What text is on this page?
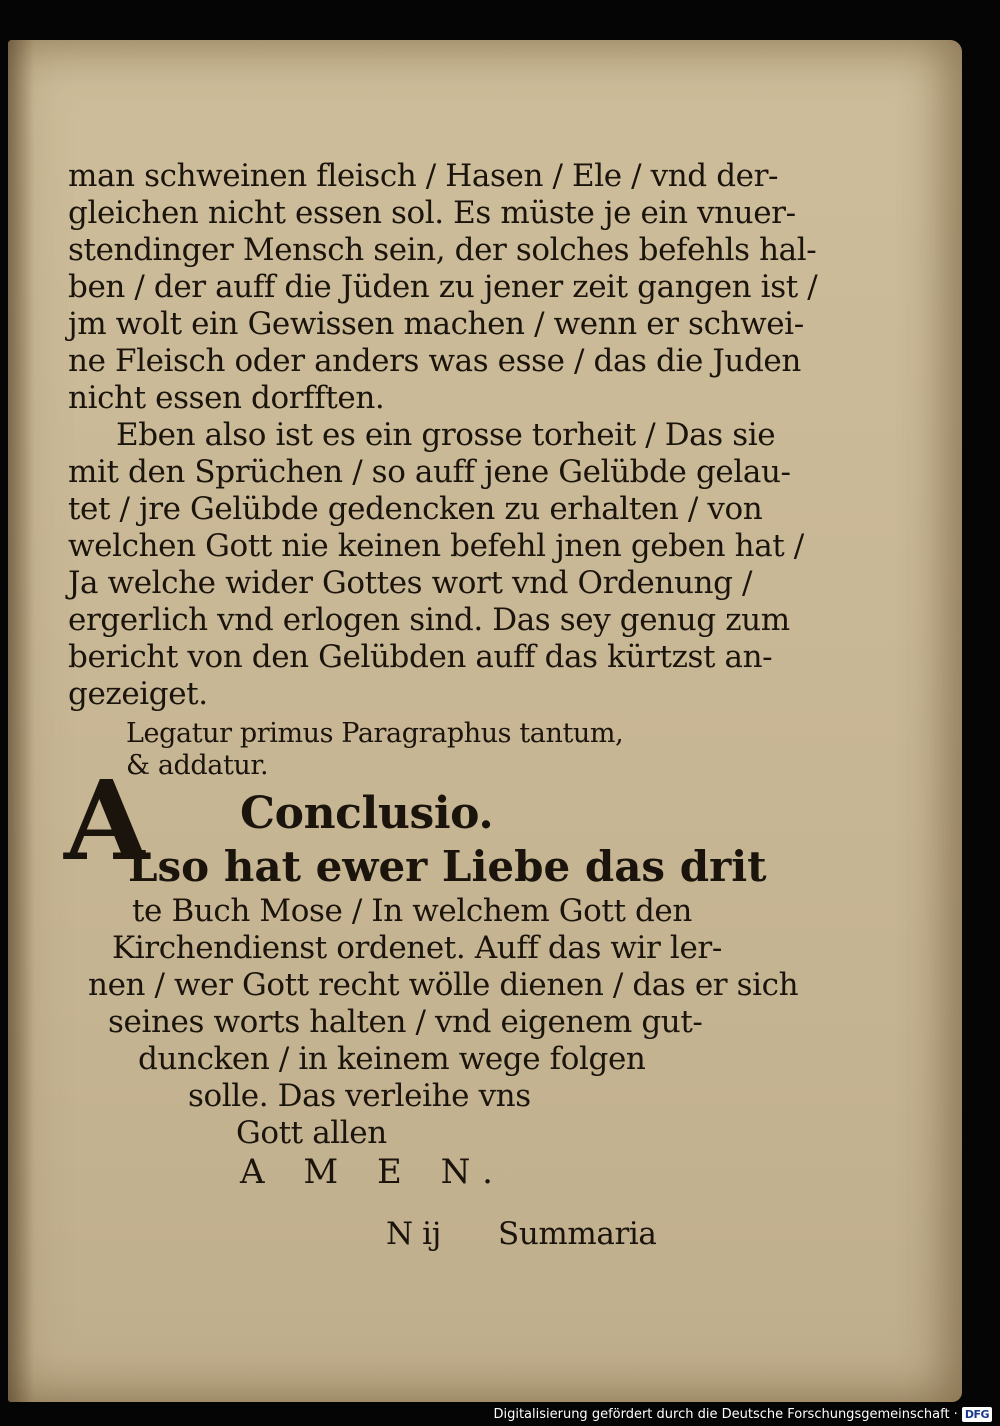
man schweinen fleisch / Hasen / Ele / vnd der-
gleichen nicht essen sol. Es müste je ein vnuer-
stendinger Mensch sein, der solches befehls hal-
ben / der auff die Jüden zu jener zeit gangen ist /
jm wolt ein Gewissen machen / wenn er schwei-
ne Fleisch oder anders was esse / das die Juden
nicht essen dorfften.
Eben also ist es ein grosse torheit / Das sie
mit den Sprüchen / so auff jene Gelübde gelau-
tet / jre Gelübde gedencken zu erhalten / von
welchen Gott nie keinen befehl jnen geben hat /
Ja welche wider Gottes wort vnd Ordenung /
ergerlich vnd erlogen sind. Das sey genug zum
bericht von den Gelübden auff das kürtzst an-
gezeiget.
Legatur primus Paragraphus tantum,
& addatur.
Conclusio.
A
Lso hat ewer Liebe das drit
te Buch Mose / In welchem Gott den
Kirchendienst ordenet. Auff das wir ler-
nen / wer Gott recht wölle dienen / das er sich
seines worts halten / vnd eigenem gut-
duncken / in keinem wege folgen
solle. Das verleihe vns
Gott allen
A M E N.
N ij Summaria
Digitalisierung gefördert durch die Deutsche Forschungsgemeinschaft · DFG
